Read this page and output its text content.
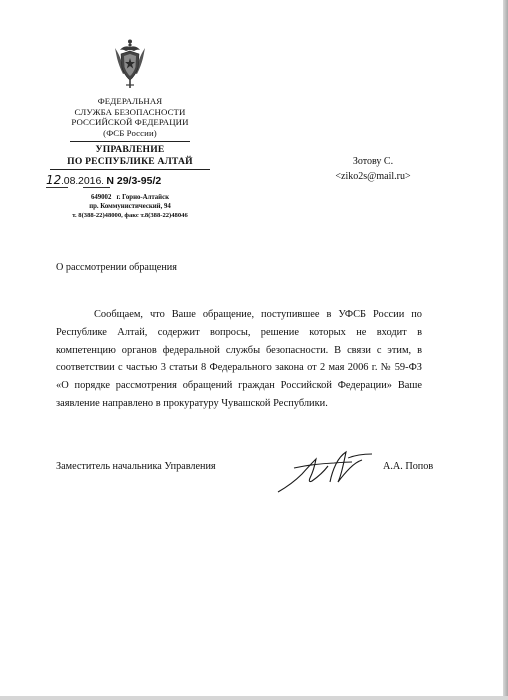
ФЕДЕРАЛЬНАЯ
СЛУЖБА БЕЗОПАСНОСТИ
РОССИЙСКОЙ ФЕДЕРАЦИИ
(ФСБ России)
УПРАВЛЕНИЕ
ПО РЕСПУБЛИКЕ АЛТАЙ
12.08.2016. N 29/3-95/2
649002   г. Горно-Алтайск
пр. Коммунистический, 94
т. 8(388-22)48000, факс т.8(388-22)48046
Зотову С.
<ziko2s@mail.ru>
О рассмотрении обращения
Сообщаем, что Ваше обращение, поступившее в УФСБ России по Республике Алтай, содержит вопросы, решение которых не входит в компетенцию органов федеральной службы безопасности. В связи с этим, в соответствии с частью 3 статьи 8 Федерального закона от 2 мая 2006 г. № 59-ФЗ «О порядке рассмотрения обращений граждан Российской Федерации» Ваше заявление направлено в прокуратуру Чувашской Республики.
Заместитель начальника Управления	А.А. Попов
